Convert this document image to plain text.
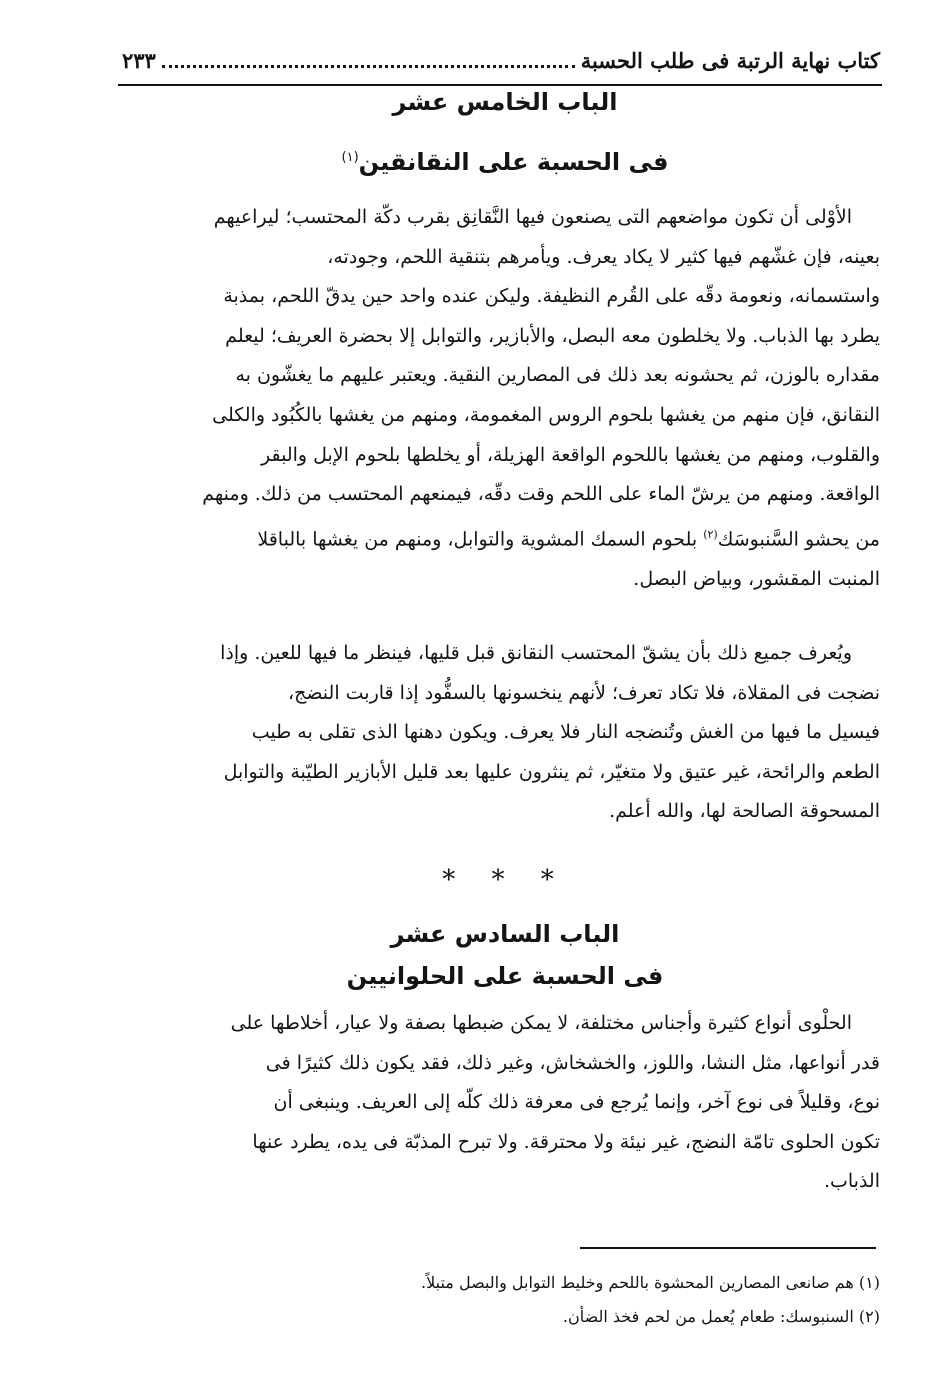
كتاب نهاية الرتبة فى طلب الحسبة
٢٣٣
الباب الخامس عشر
فى الحسبة على النقانقين$^{(١)}$

الأوْلى أن تكون مواضعهم التى يصنعون فيها النَّقانِق بقرب دكّة المحتسب؛ ليراعيهم

بعينه، فإن غشّهم فيها كثير لا يكاد يعرف. ويأمرهم بتنقية اللحم، وجودته،

واستسمانه، ونعومة دقّه على القُرم النظيفة. وليكن عنده واحد حين يدقّ اللحم، بمذبة

يطرد بها الذباب. ولا يخلطون معه البصل، والأبازير، والتوابل إلا بحضرة العريف؛ ليعلم

مقداره بالوزن، ثم يحشونه بعد ذلك فى المصارين النقية. ويعتبر عليهم ما يغشّون به

النقانق، فإن منهم من يغشها بلحوم الروس المغمومة، ومنهم من يغشها بالكُبُود والكلى

والقلوب، ومنهم من يغشها باللحوم الواقعة الهزيلة، أو يخلطها بلحوم الإبل والبقر

الواقعة. ومنهم من يرشّ الماء على اللحم وقت دقّه، فيمنعهم المحتسب من ذلك. ومنهم

من يحشو السَّنبوسَك$^{(٢)}$ بلحوم السمك المشوية والتوابل، ومنهم من يغشها بالباقلا

المنبت المقشور، وبياض البصل.

ويُعرف جميع ذلك بأن يشقّ المحتسب النقانق قبل قليها، فينظر ما فيها للعين. وإذا

نضجت فى المقلاة، فلا تكاد تعرف؛ لأنهم ينخسونها بالسفُّود إذا قاربت النضج،

فيسيل ما فيها من الغش وتُنضجه النار فلا يعرف. ويكون دهنها الذى تقلى به طيب

الطعم والرائحة، غير عتيق ولا متغيّر، ثم ينثرون عليها بعد قليل الأبازير الطيّبة والتوابل

المسحوقة الصالحة لها، والله أعلم.

* * *
الباب السادس عشر
فى الحسبة على الحلوانيين

الحلْوى أنواع كثيرة وأجناس مختلفة، لا يمكن ضبطها بصفة ولا عيار، أخلاطها على

قدر أنواعها، مثل النشا، واللوز، والخشخاش، وغير ذلك، فقد يكون ذلك كثيرًا فى

نوع، وقليلاً فى نوع آخر، وإنما يُرجع فى معرفة ذلك كلّه إلى العريف. وينبغى أن

تكون الحلوى تامّة النضج، غير نيئة ولا محترقة. ولا تبرح المذبّة فى يده، يطرد عنها

الذباب.

(١) هم صانعى المصارين المحشوة باللحم وخليط التوابل والبصل متبلاً.
(٢) السنبوسك: طعام يُعمل من لحم فخذ الضأن.
